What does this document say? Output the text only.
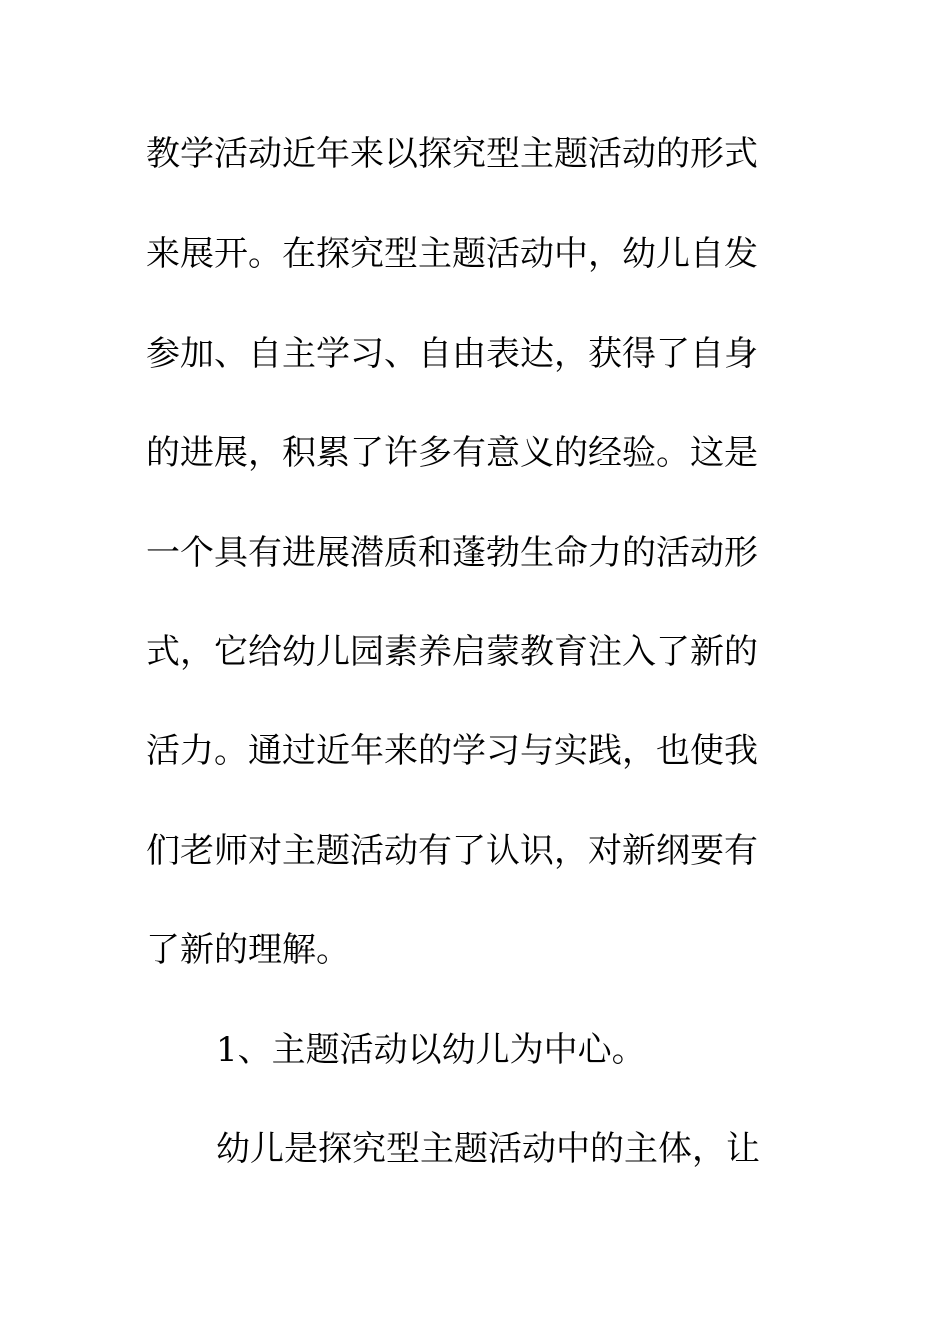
教学活动近年来以探究型主题活动的形式
来展开。在探究型主题活动中，幼儿自发
参加、自主学习、自由表达，获得了自身
的进展，积累了许多有意义的经验。这是
一个具有进展潜质和蓬勃生命力的活动形
式，它给幼儿园素养启蒙教育注入了新的
活力。通过近年来的学习与实践，也使我
们老师对主题活动有了认识，对新纲要有
了新的理解。
1、主题活动以幼儿为中心。
幼儿是探究型主题活动中的主体，让
